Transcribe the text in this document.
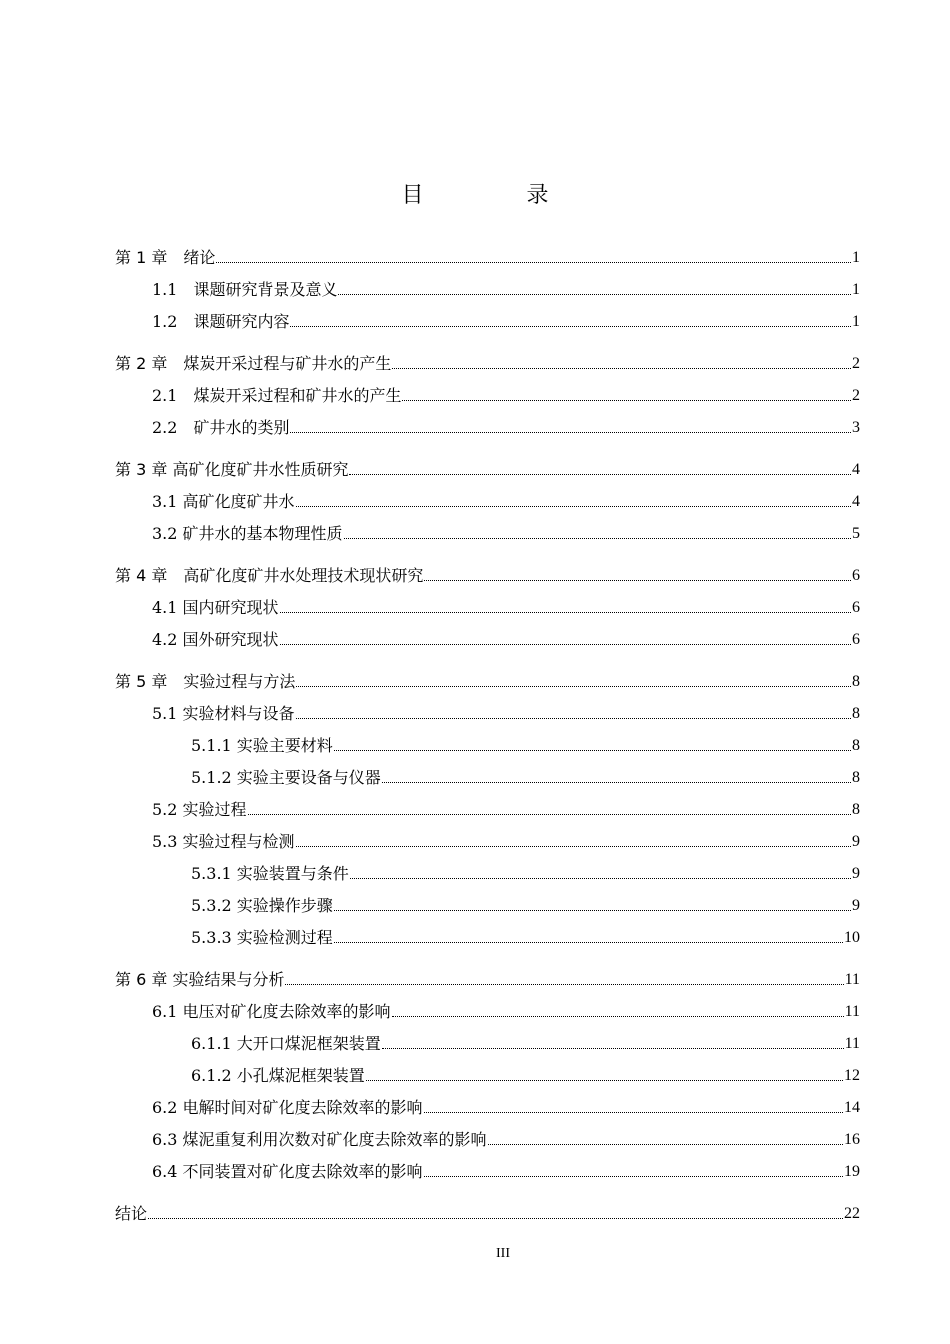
目 录
第 1 章　绪论	1
1.1　课题研究背景及意义	1
1.2　课题研究内容	1
第 2 章　煤炭开采过程与矿井水的产生	2
2.1　煤炭开采过程和矿井水的产生	2
2.2　矿井水的类别	3
第 3 章 高矿化度矿井水性质研究	4
3.1 高矿化度矿井水	4
3.2 矿井水的基本物理性质	5
第 4 章　高矿化度矿井水处理技术现状研究	6
4.1 国内研究现状	6
4.2 国外研究现状	6
第 5 章　实验过程与方法	8
5.1 实验材料与设备	8
5.1.1 实验主要材料	8
5.1.2 实验主要设备与仪器	8
5.2 实验过程	8
5.3 实验过程与检测	9
5.3.1 实验装置与条件	9
5.3.2 实验操作步骤	9
5.3.3 实验检测过程	10
第 6 章 实验结果与分析	11
6.1 电压对矿化度去除效率的影响	11
6.1.1 大开口煤泥框架装置	11
6.1.2 小孔煤泥框架装置	12
6.2 电解时间对矿化度去除效率的影响	14
6.3 煤泥重复利用次数对矿化度去除效率的影响	16
6.4 不同装置对矿化度去除效率的影响	19
结论	22
III
